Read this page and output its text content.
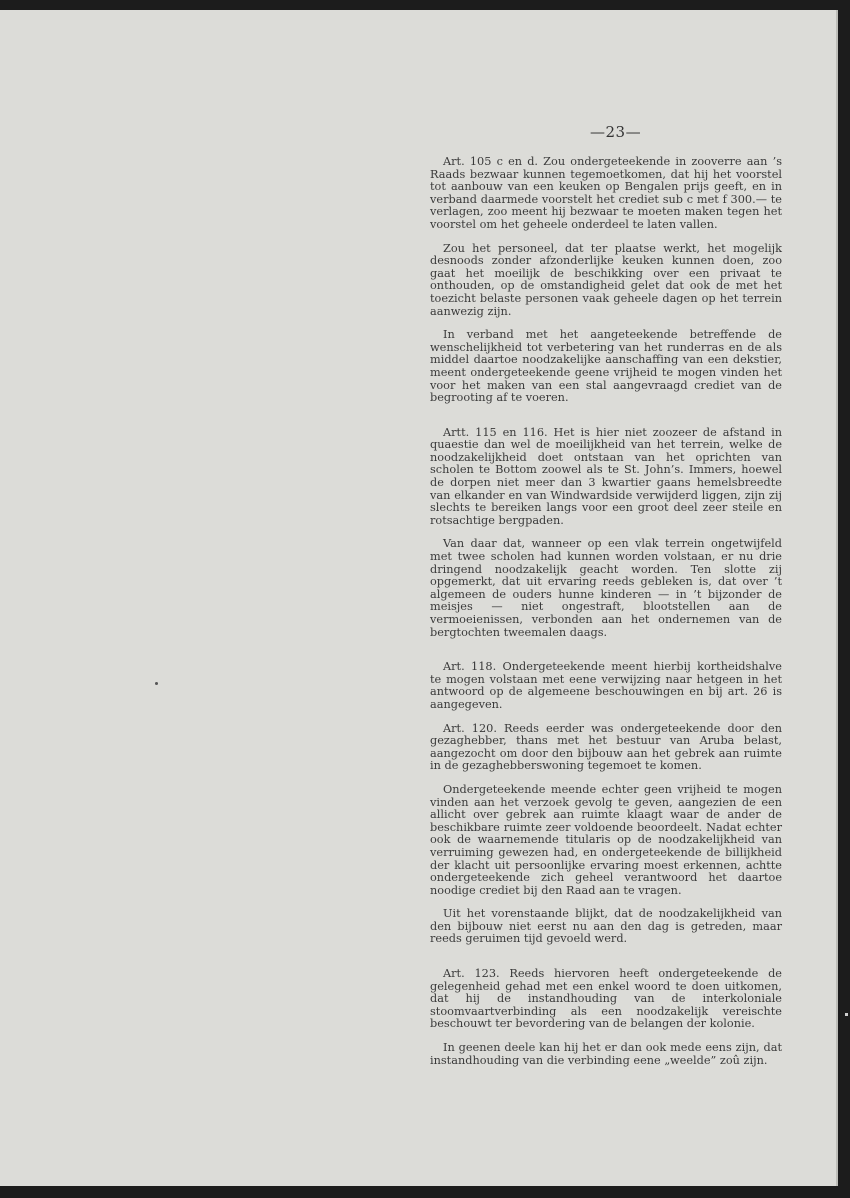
—23—

Art. 105 c en d. Zou ondergeteekende in zooverre aan ’s Raads bezwaar kunnen tegemoetkomen, dat hij het voorstel tot aanbouw van een keuken op Bengalen prijs geeft, en in verband daarmede voorstelt het crediet sub c met f 300.— te verlagen, zoo meent hij bezwaar te moeten maken tegen het voorstel om het geheele onderdeel te laten vallen.

Zou het personeel, dat ter plaatse werkt, het mogelijk desnoods zonder afzonderlijke keuken kunnen doen, zoo gaat het moeilijk de beschikking over een privaat te onthouden, op de omstandigheid gelet dat ook de met het toezicht belaste personen vaak geheele dagen op het terrein aanwezig zijn.

In verband met het aangeteekende betreffende de wenschelijkheid tot verbetering van het runderras en de als middel daartoe noodzakelijke aanschaffing van een dekstier, meent ondergeteekende geene vrijheid te mogen vinden het voor het maken van een stal aangevraagd crediet van de begrooting af te voeren.

Artt. 115 en 116. Het is hier niet zoozeer de afstand in quaestie dan wel de moeilijkheid van het terrein, welke de noodzakelijkheid doet ontstaan van het oprichten van scholen te Bottom zoowel als te St. John’s. Immers, hoewel de dorpen niet meer dan 3 kwartier gaans hemelsbreedte van elkander en van Windwardside verwijderd liggen, zijn zij slechts te bereiken langs voor een groot deel zeer steile en rotsachtige bergpaden.

Van daar dat, wanneer op een vlak terrein ongetwijfeld met twee scholen had kunnen worden volstaan, er nu drie dringend noodzakelijk geacht worden. Ten slotte zij opgemerkt, dat uit ervaring reeds gebleken is, dat over ’t algemeen de ouders hunne kinderen — in ’t bijzonder de meisjes — niet ongestraft, blootstellen aan de vermoeienissen, verbonden aan het ondernemen van de bergtochten tweemalen daags.

Art. 118. Ondergeteekende meent hierbij kortheidshalve te mogen volstaan met eene verwijzing naar hetgeen in het antwoord op de algemeene beschouwingen en bij art. 26 is aangegeven.

Art. 120. Reeds eerder was ondergeteekende door den gezaghebber, thans met het bestuur van Aruba belast, aangezocht om door den bijbouw aan het gebrek aan ruimte in de gezaghebberswoning tegemoet te komen.

Ondergeteekende meende echter geen vrijheid te mogen vinden aan het verzoek gevolg te geven, aangezien de een allicht over gebrek aan ruimte klaagt waar de ander de beschikbare ruimte zeer voldoende beoordeelt. Nadat echter ook de waarnemende titularis op de noodzakelijkheid van verruiming gewezen had, en ondergeteekende de billijkheid der klacht uit persoonlijke ervaring moest erkennen, achtte ondergeteekende zich geheel verantwoord het daartoe noodige crediet bij den Raad aan te vragen.

Uit het vorenstaande blijkt, dat de noodzakelijkheid van den bijbouw niet eerst nu aan den dag is getreden, maar reeds geruimen tijd gevoeld werd.

Art. 123. Reeds hiervoren heeft ondergeteekende de gelegenheid gehad met een enkel woord te doen uitkomen, dat hij de instandhouding van de interkoloniale stoomvaartverbinding als een noodzakelijk vereischte beschouwt ter bevordering van de belangen der kolonie.

In geenen deele kan hij het er dan ook mede eens zijn, dat instandhouding van die verbinding eene „weelde” zoû zijn.
